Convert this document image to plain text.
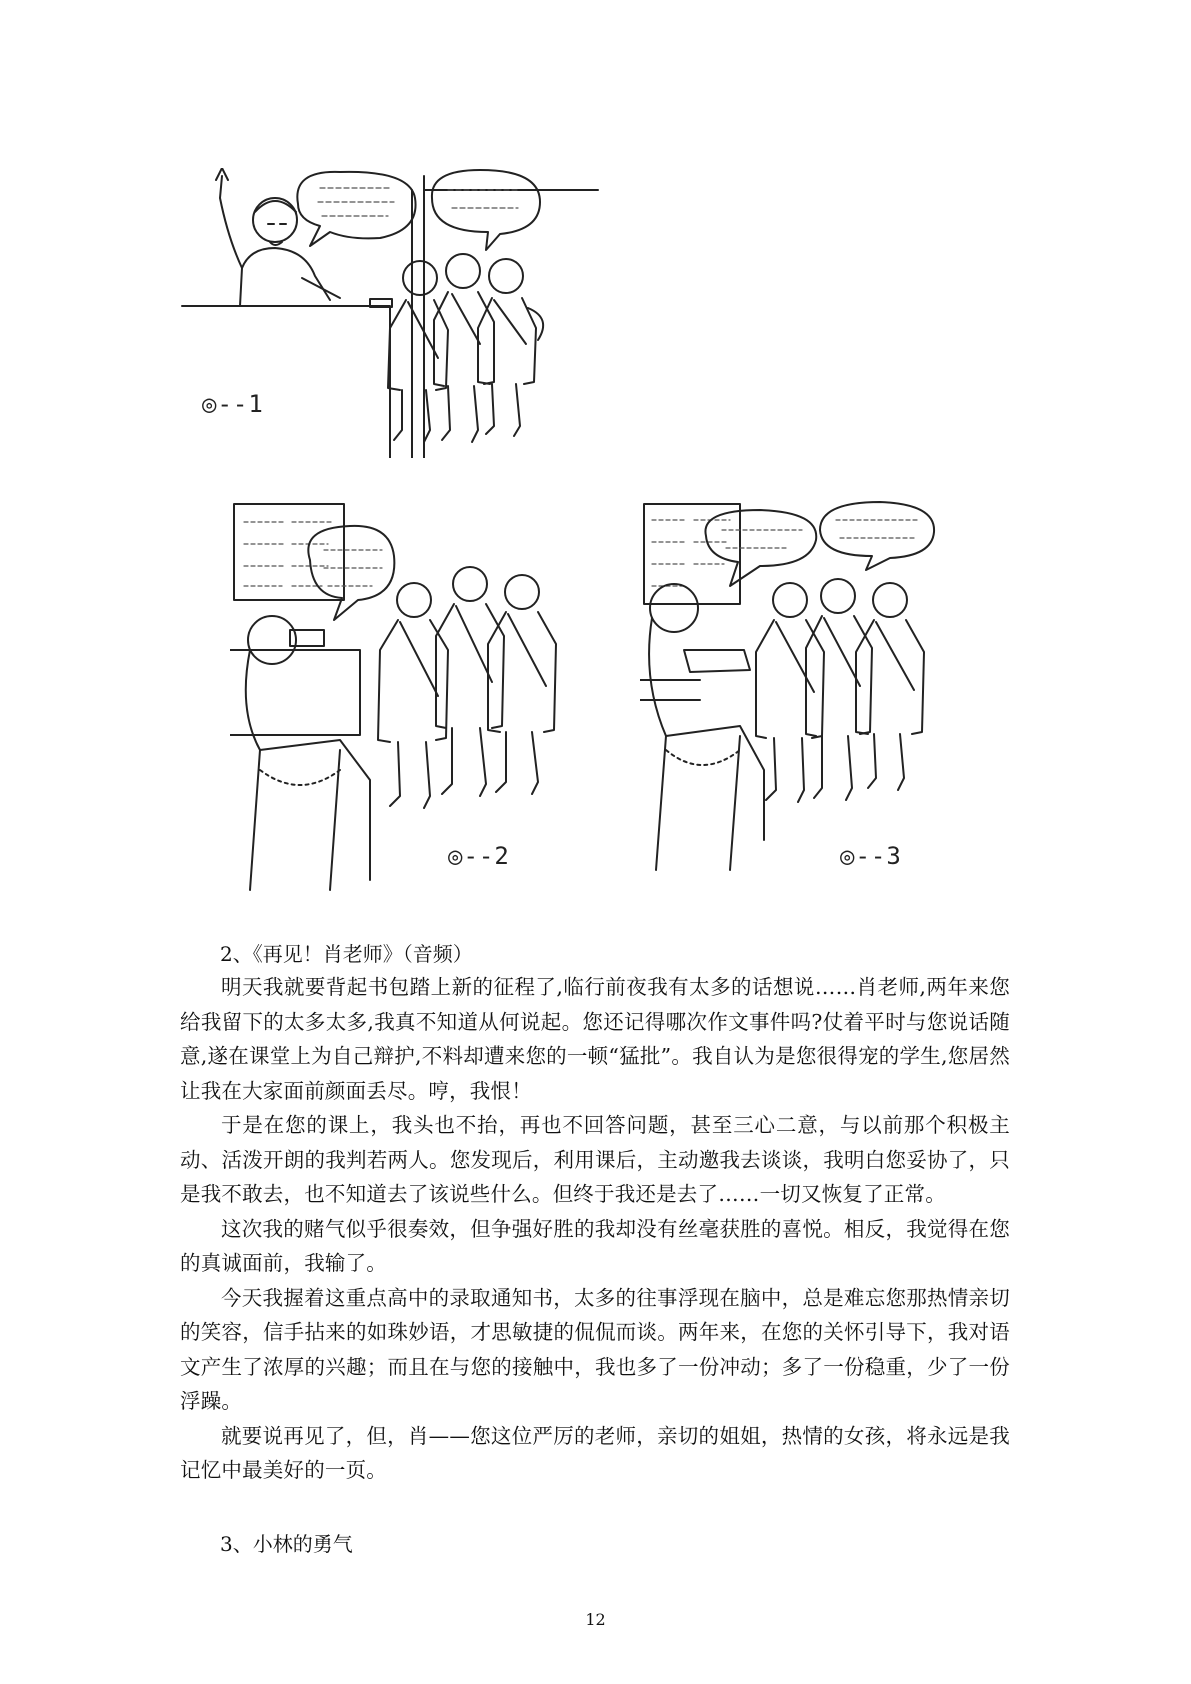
◎--1
◎--2	◎--3

2、《再见！肖老师》（音频）

明天我就要背起书包踏上新的征程了,临行前夜我有太多的话想说……肖老师,两年来您给我留下的太多太多,我真不知道从何说起。您还记得哪次作文事件吗?仗着平时与您说话随意,遂在课堂上为自己辩护,不料却遭来您的一顿“猛批”。我自认为是您很得宠的学生,您居然让我在大家面前颜面丢尽。哼，我恨！

于是在您的课上，我头也不抬，再也不回答问题，甚至三心二意，与以前那个积极主动、活泼开朗的我判若两人。您发现后，利用课后，主动邀我去谈谈，我明白您妥协了，只是我不敢去，也不知道去了该说些什么。但终于我还是去了……一切又恢复了正常。

这次我的赌气似乎很奏效，但争强好胜的我却没有丝毫获胜的喜悦。相反，我觉得在您的真诚面前，我输了。

今天我握着这重点高中的录取通知书，太多的往事浮现在脑中，总是难忘您那热情亲切的笑容，信手拈来的如珠妙语，才思敏捷的侃侃而谈。两年来，在您的关怀引导下，我对语文产生了浓厚的兴趣；而且在与您的接触中，我也多了一份冲动；多了一份稳重，少了一份浮躁。

就要说再见了，但，肖——您这位严厉的老师，亲切的姐姐，热情的女孩，将永远是我记忆中最美好的一页。

3、小林的勇气

12
